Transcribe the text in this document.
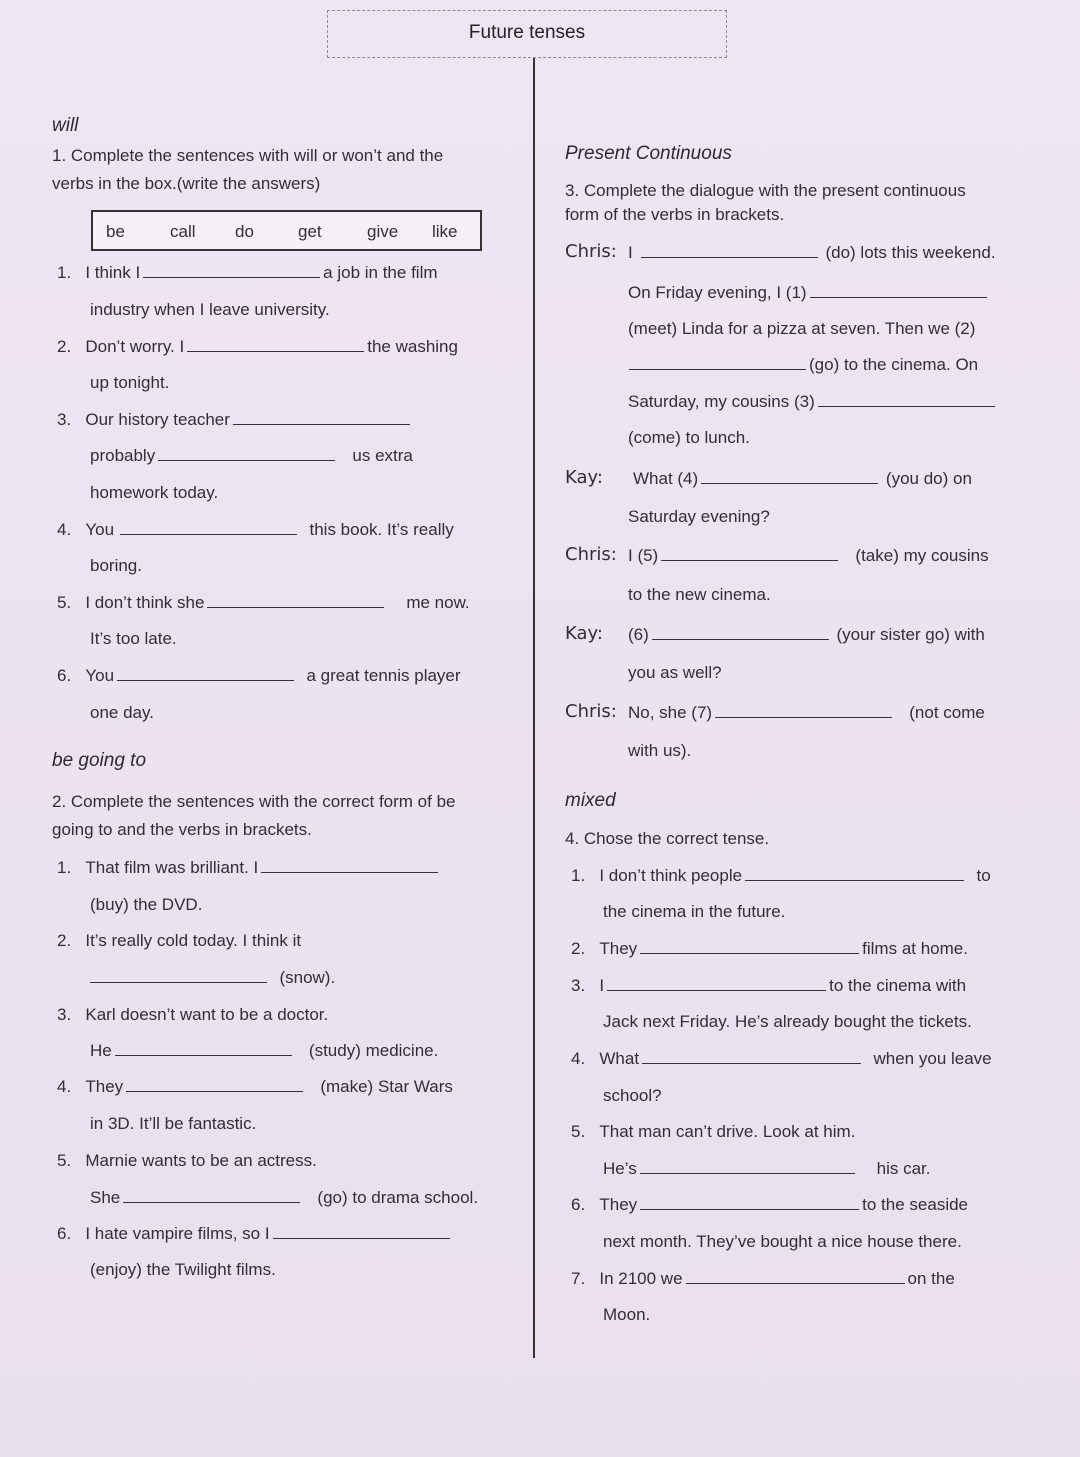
Future tenses
will
1. Complete the sentences with will or won’t and the
verbs in the box.(write the answers)
be	call do	get	give like
1. I think I	a job in the film
industry when I leave university.
2. Don’t worry. I	the washing
up tonight.
3. Our history teacher
probably	us extra
homework today.
4. You	this book. It’s really
boring.
5. I don’t think she	me now.
It’s too late.
6. You	a great tennis player
one day.
be going to
2. Complete the sentences with the correct form of be
going to and the verbs in brackets.
1. That film was brilliant. I
(buy) the DVD.
2. It’s really cold today. I think it
(snow).
3. Karl doesn’t want to be a doctor.
He	(study) medicine.
4. They	(make) Star Wars
in 3D. It’ll be fantastic.
5. Marnie wants to be an actress.
She	(go) to drama school.
6. I hate vampire films, so I
(enjoy) the Twilight films.
Present Continuous
3. Complete the dialogue with the present continuous
form of the verbs in brackets.
Chris: I	(do) lots this weekend.
On Friday evening, I (1)
(meet) Linda for a pizza at seven. Then we (2)
(go) to the cinema. On
Saturday, my cousins (3)
(come) to lunch.
Kay: What (4)	(you do) on
Saturday evening?
Chris: I (5)	(take) my cousins
to the new cinema.
Kay: (6)	(your sister go) with
you as well?
Chris: No, she (7)	(not come
with us).
mixed
4. Chose the correct tense.
1. I don’t think people	to
the cinema in the future.
2. They	films at home.
3. I	to the cinema with
Jack next Friday. He’s already bought the tickets.
4. What	when you leave
school?
5. That man can’t drive. Look at him.
He’s	his car.
6. They	to the seaside
next month. They’ve bought a nice house there.
7. In 2100 we	on the
Moon.
